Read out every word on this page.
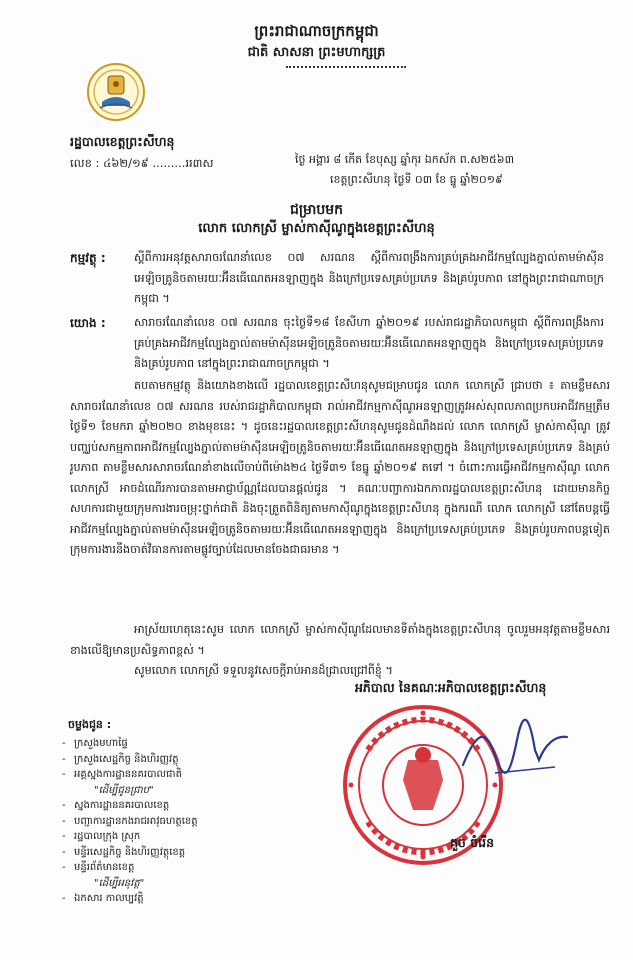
ព្រះរាជាណាចក្រកម្ពុជា
ជាតិ សាសនា ព្រះមហាក្សត្រ
រដ្ឋបាលខេត្តព្រះសីហនុ
លេខ : ៤៦២/១៩ .........ររ៣ស	ថ្ងៃ អង្គារ ៨ កើត ខែបុស្ស ឆ្នាំកុរ ឯកស័ក ព.ស២៥៦៣
ខេត្តព្រះសីហនុ ថ្ងៃទី ០៣ ខែ ធ្នូ ឆ្នាំ២០១៩
ជម្រាបមក
លោក លោកស្រី ម្ចាស់កាស៊ីណូក្នុងខេត្តព្រះសីហនុ
កម្មវត្ថុ :	ស្តីពីការអនុវត្តសារាចរណែនាំលេខ ០៧ សរណន ស្តីពីការពង្រឹងការគ្រប់គ្រងអាជីវកម្មល្បែងភ្នាល់តាមម៉ាស៊ីនអេឡិចត្រូនិចតាមរយៈអ៊ីនធើណេតអនឡាញក្នុង និងក្រៅប្រទេសគ្រប់ប្រភេទ និងគ្រប់រូបភាព នៅក្នុងព្រះរាជាណាចក្រកម្ពុជា ។
យោង :	សារាចរណែនាំលេខ ០៧ សរណន ចុះថ្ងៃទី១៨ ខែសីហា ឆ្នាំ២០១៩ របស់រាជរដ្ឋាភិបាលកម្ពុជា ស្តីពីការពង្រឹងការគ្រប់គ្រងអាជីវកម្មល្បែងភ្នាល់តាមម៉ាស៊ីនអេឡិចត្រូនិចតាមរយៈអ៊ីនធើណេតអនឡាញក្នុង និងក្រៅប្រទេសគ្រប់ប្រភេទ និងគ្រប់រូបភាព នៅក្នុងព្រះរាជាណាចក្រកម្ពុជា ។
តបតាមកម្មវត្ថុ និងយោងខាងលើ រដ្ឋបាលខេត្តព្រះសីហនុសូមជម្រាបជូន លោក លោកស្រី ជ្រាបថា ៖ តាមខ្លឹមសារសារាចរណែនាំលេខ ០៧ សរណន របស់រាជរដ្ឋាភិបាលកម្ពុជា រាល់អាជីវកម្មកាស៊ីណូអនឡាញត្រូវអស់សុពលភាពប្រកបអាជីវកម្មត្រឹមថ្ងៃទី១ ខែមករា ឆ្នាំ២០២០ ខាងមុខនេះ ។ ដូចនេះរដ្ឋបាលខេត្តព្រះសីហនុសូមជូនដំណឹងដល់ លោក លោកស្រី ម្ចាស់កាស៊ីណូ ត្រូវបញ្ឈប់សកម្មភាពអាជីវកម្មល្បែងភ្នាល់តាមម៉ាស៊ីនអេឡិចត្រូនិចតាមរយៈអ៊ីនធើណេតអនឡាញក្នុង និងក្រៅប្រទេសគ្រប់ប្រភេទ និងគ្រប់រូបភាព តាមខ្លឹមសារសារាចរណែនាំខាងលើចាប់ពីម៉ោង២៤ ថ្ងៃទី៣១ ខែធ្នូ ឆ្នាំ២០១៩ តទៅ ។ ចំពោះការធ្វើអាជីវកម្មកាស៊ីណូ លោក លោកស្រី អាចដំណើរការបានតាមអាជ្ញាប័ណ្ណដែលបានផ្តល់ជូន ។ គណៈបញ្ជាការឯកភាពរដ្ឋបាលខេត្តព្រះសីហនុ ដោយមានកិច្ចសហការជាមួយក្រុមការងារចម្រុះថ្នាក់ជាតិ និងចុះត្រួតពិនិត្យតាមកាស៊ីណូក្នុងខេត្តព្រះសីហនុ ក្នុងករណី លោក លោកស្រី នៅតែបន្តធ្វើអាជីវកម្មល្បែងភ្នាល់តាមម៉ាស៊ីនអេឡិចត្រូនិចតាមរយៈអ៊ីនធើណេតអនឡាញក្នុង និងក្រៅប្រទេសគ្រប់ប្រភេទ និងគ្រប់រូបភាពបន្តទៀត ក្រុមការងារនឹងចាត់វិធានការតាមផ្លូវច្បាប់ដែលមានចែងជាធរមាន ។
អាស្រ័យហេតុនេះសូម លោក លោកស្រី ម្ចាស់កាស៊ីណូដែលមានទីតាំងក្នុងខេត្តព្រះសីហនុ ចូលរួមអនុវត្តតាមខ្លឹមសារខាងលើឱ្យមានប្រសិទ្ធភាពខ្ពស់ ។
សូមលោក លោកស្រី ទទួលនូវសេចក្តីរាប់អានដ៏ជ្រាលជ្រៅពីខ្ញុំ ។
អភិបាល នៃគណៈអភិបាលខេត្តព្រះសីហនុ
គួច ចំរើន
ចម្លងជូន :
- ក្រសួងមហាផ្ទៃ
- ក្រសួងសេដ្ឋកិច្ច និងហិរញ្ញវត្ថុ
- អគ្គស្នងការដ្ឋាននគរបាលជាតិ
"ដើម្បីជូនជ្រាប"
- ស្នងការដ្ឋាននគរបាលខេត្ត
- បញ្ជាការដ្ឋានកងរាជអាវុធហត្ថខេត្ត
- រដ្ឋបាលក្រុង ស្រុក
- មន្ទីរសេដ្ឋកិច្ច និងហិរញ្ញវត្ថុខេត្ត
- មន្ទីរព័ត៌មានខេត្ត
"ដើម្បីអនុវត្ត"
- ឯកសារ កាលប្បវត្តិ
